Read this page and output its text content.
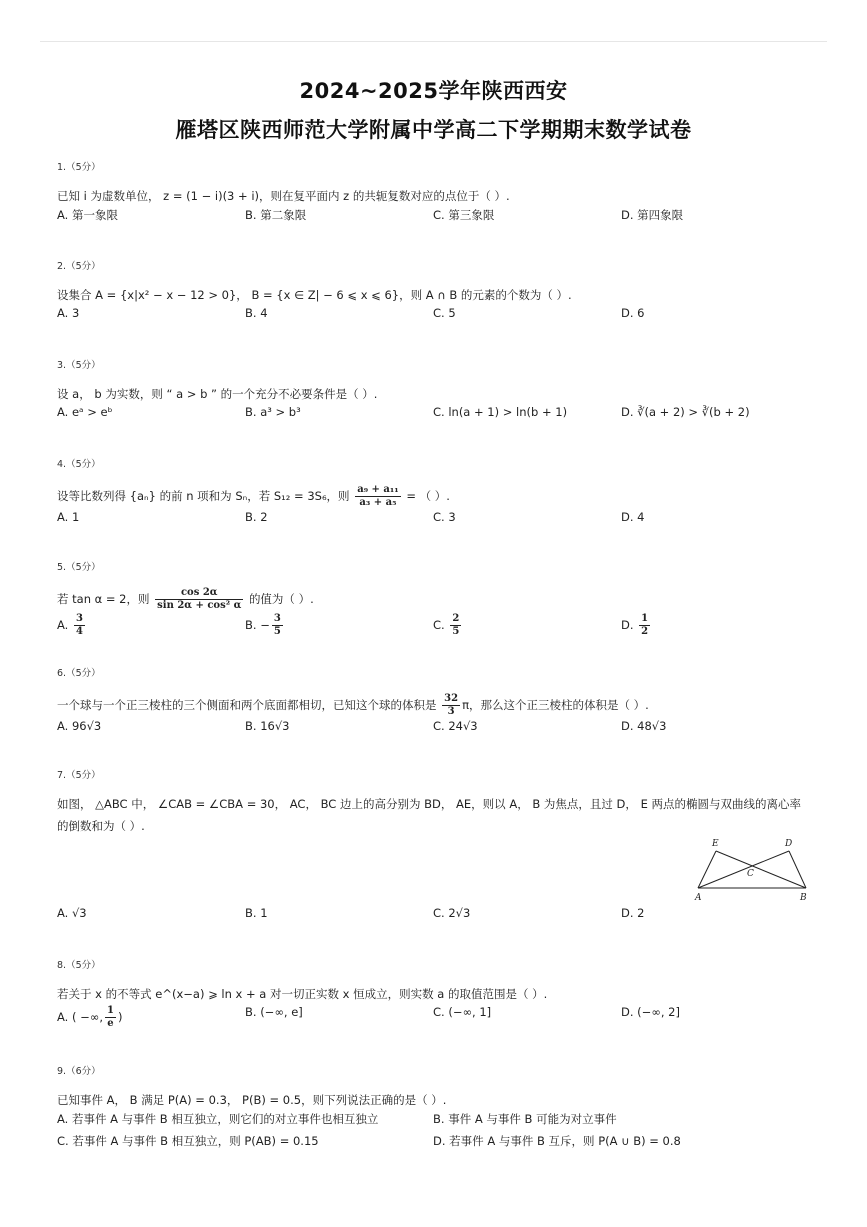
2024~2025学年陕西西安
雁塔区陕西师范大学附属中学高二下学期期末数学试卷
1.（5分）
已知 i 为虚数单位， z = (1 − i)(3 + i)，则在复平面内 z 的共轭复数对应的点位于（ ）.
A. 第一象限	B. 第二象限	C. 第三象限	D. 第四象限
2.（5分）
设集合 A = {x|x² − x − 12 > 0}， B = {x ∈ Z| − 6 ⩽ x ⩽ 6}，则 A ∩ B 的元素的个数为（ ）.
A. 3	B. 4	C. 5	D. 6
3.（5分）
设 a， b 为实数，则 “ a > b ” 的一个充分不必要条件是（ ）.
A. eᵃ > eᵇ	B. a³ > b³	C. ln(a + 1) > ln(b + 1)	D. ∛(a + 2) > ∛(b + 2)
4.（5分）
设等比数列得 {aₙ} 的前 n 项和为 Sₙ，若 S₁₂ = 3S₆，则 $\frac{\text{a₉ + a₁₁}}{\text{a₃ + a₅}}$ = （ ）.
A. 1	B. 2	C. 3	D. 4
5.（5分）
若 tan α = 2，则 $\frac{\cos 2\alpha}{\text{sin 2α + cos² α}}$ 的值为（ ）.
A. $\frac{3}{4}$	B. − $\frac{3}{5}$	C. $\frac{2}{5}$	D. $\frac{1}{2}$
6.（5分）
一个球与一个正三棱柱的三个侧面和两个底面都相切，已知这个球的体积是 $\frac{32}{3}$ π，那么这个正三棱柱的体积是（ ）.
A. 96√3	B. 16√3	C. 24√3	D. 48√3
7.（5分）
如图， △ABC 中， ∠CAB = ∠CBA = 30， AC， BC 边上的高分别为 BD， AE，则以 A， B 为焦点，且过 D， E 两点的椭圆与双曲线的离心率的倒数和为（ ）.
E	D
C
A	B
A. √3	B. 1	C. 2√3	D. 2
8.（5分）
若关于 x 的不等式 e^(x−a) ⩾ ln x + a 对一切正实数 x 恒成立，则实数 a 的取值范围是（ ）.
A. ( −∞, $\frac{1}{e}$ )	B. (−∞, e]	C. (−∞, 1]	D. (−∞, 2]
9.（6分）
已知事件 A， B 满足 P(A) = 0.3， P(B) = 0.5，则下列说法正确的是（ ）.
A. 若事件 A 与事件 B 相互独立，则它们的对立事件也相互独立	B. 事件 A 与事件 B 可能为对立事件
C. 若事件 A 与事件 B 相互独立，则 P(AB) = 0.15	D. 若事件 A 与事件 B 互斥，则 P(A ∪ B) = 0.8
